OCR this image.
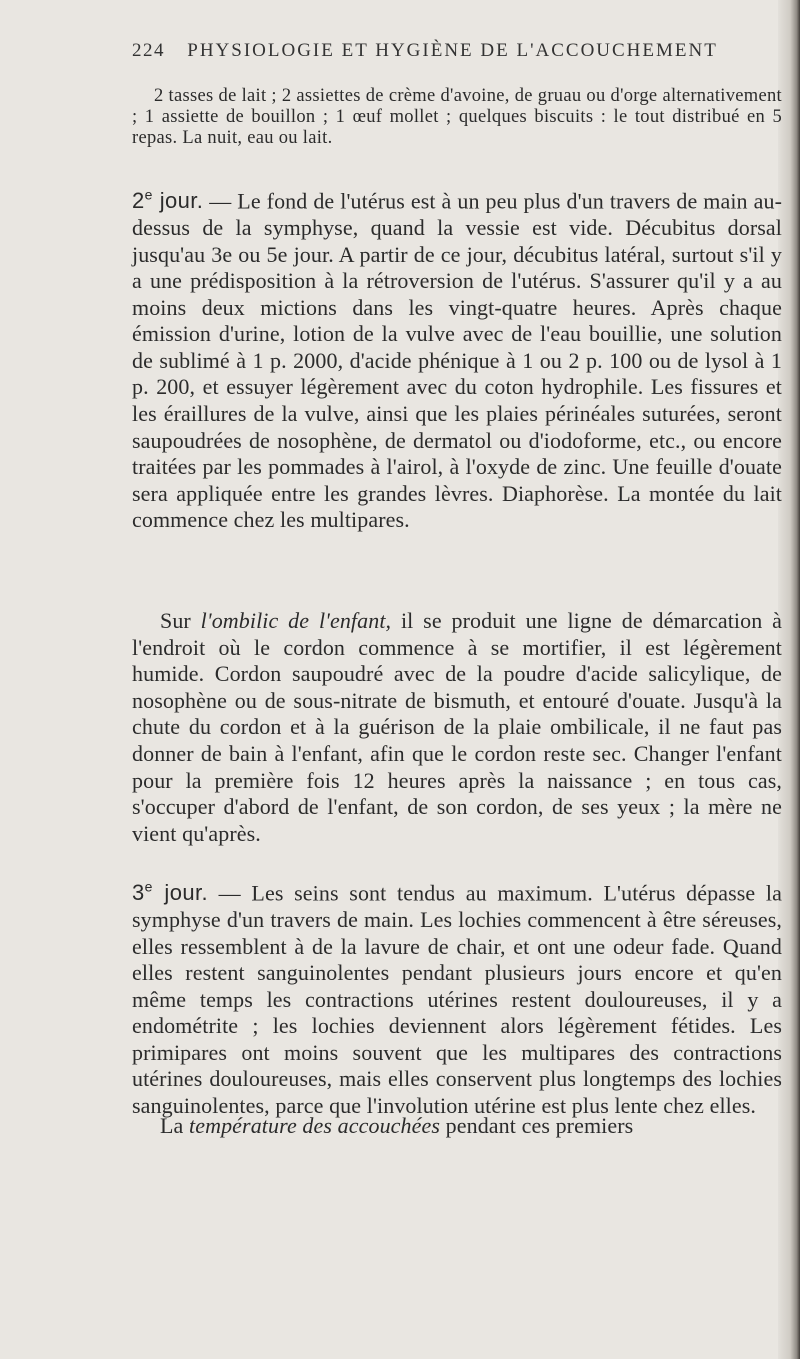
224 PHYSIOLOGIE ET HYGIÈNE DE L'ACCOUCHEMENT

2 tasses de lait ; 2 assiettes de crème d'avoine, de gruau ou d'orge alternativement ; 1 assiette de bouillon ; 1 œuf mollet ; quelques biscuits : le tout distribué en 5 repas. La nuit, eau ou lait.

2e jour. — Le fond de l'utérus est à un peu plus d'un travers de main au-dessus de la symphyse, quand la vessie est vide. Décubitus dorsal jusqu'au 3e ou 5e jour. A partir de ce jour, décubitus latéral, surtout s'il y a une prédisposition à la rétroversion de l'utérus. S'assurer qu'il y a au moins deux mictions dans les vingt-quatre heures. Après chaque émission d'urine, lotion de la vulve avec de l'eau bouillie, une solution de sublimé à 1 p. 2000, d'acide phénique à 1 ou 2 p. 100 ou de lysol à 1 p. 200, et essuyer légèrement avec du coton hydrophile. Les fissures et les éraillures de la vulve, ainsi que les plaies périnéales suturées, seront saupoudrées de nosophène, de dermatol ou d'iodoforme, etc., ou encore traitées par les pommades à l'airol, à l'oxyde de zinc. Une feuille d'ouate sera appliquée entre les grandes lèvres. Diaphorèse. La montée du lait commence chez les multipares.

Sur l'ombilic de l'enfant, il se produit une ligne de démarcation à l'endroit où le cordon commence à se mortifier, il est légèrement humide. Cordon saupoudré avec de la poudre d'acide salicylique, de nosophène ou de sous-nitrate de bismuth, et entouré d'ouate. Jusqu'à la chute du cordon et à la guérison de la plaie ombilicale, il ne faut pas donner de bain à l'enfant, afin que le cordon reste sec. Changer l'enfant pour la première fois 12 heures après la naissance ; en tous cas, s'occuper d'abord de l'enfant, de son cordon, de ses yeux ; la mère ne vient qu'après.

3e jour. — Les seins sont tendus au maximum. L'utérus dépasse la symphyse d'un travers de main. Les lochies commencent à être séreuses, elles ressemblent à de la lavure de chair, et ont une odeur fade. Quand elles restent sanguinolentes pendant plusieurs jours encore et qu'en même temps les contractions utérines restent douloureuses, il y a endométrite ; les lochies deviennent alors légèrement fétides. Les primipares ont moins souvent que les multipares des contractions utérines douloureuses, mais elles conservent plus longtemps des lochies sanguinolentes, parce que l'involution utérine est plus lente chez elles.

La température des accouchées pendant ces premiers
